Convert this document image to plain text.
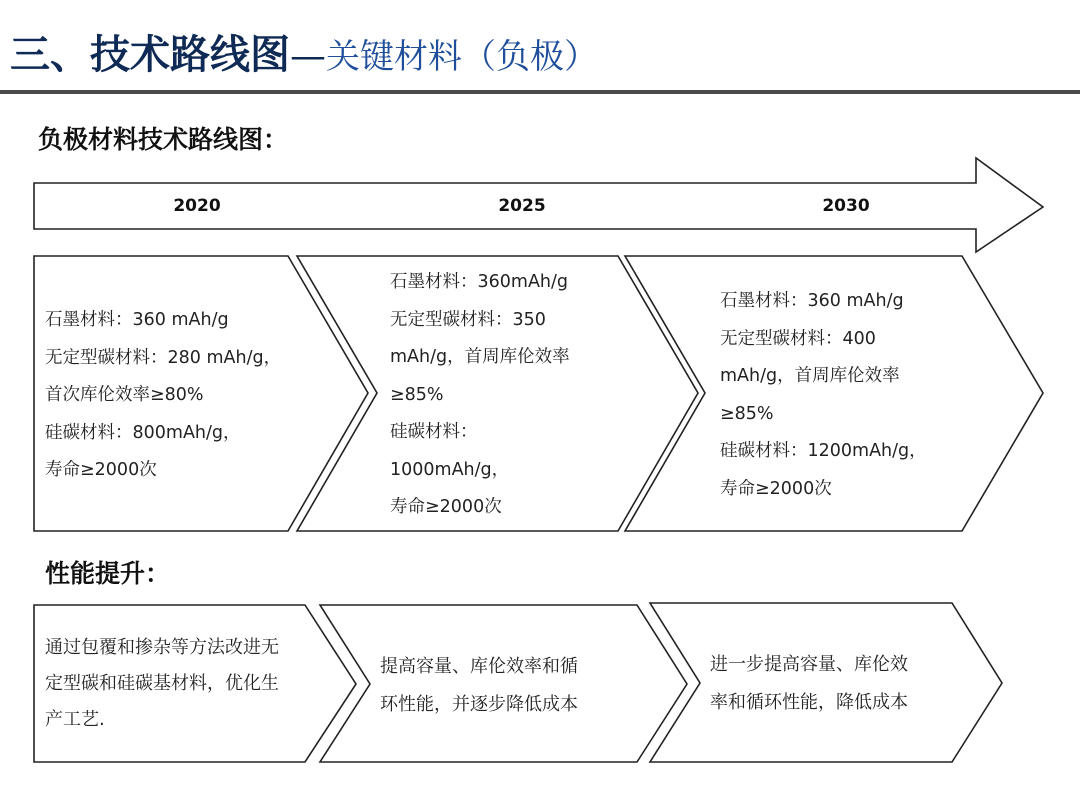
三、技术路线图—关键材料（负极）
负极材料技术路线图：
2020	2025	2030
石墨材料：360 mAh/g
无定型碳材料：280 mAh/g，
首次库伦效率≥80%
硅碳材料：800mAh/g，
寿命≥2000次
石墨材料：360mAh/g
无定型碳材料：350
mAh/g，首周库伦效率
≥85%
硅碳材料：
1000mAh/g，
寿命≥2000次
石墨材料：360 mAh/g
无定型碳材料：400
mAh/g，首周库伦效率
≥85%
硅碳材料：1200mAh/g，
寿命≥2000次
性能提升：
通过包覆和掺杂等方法改进无
定型碳和硅碳基材料，优化生
产工艺.
提高容量、库伦效率和循
环性能，并逐步降低成本
进一步提高容量、库伦效
率和循环性能，降低成本
